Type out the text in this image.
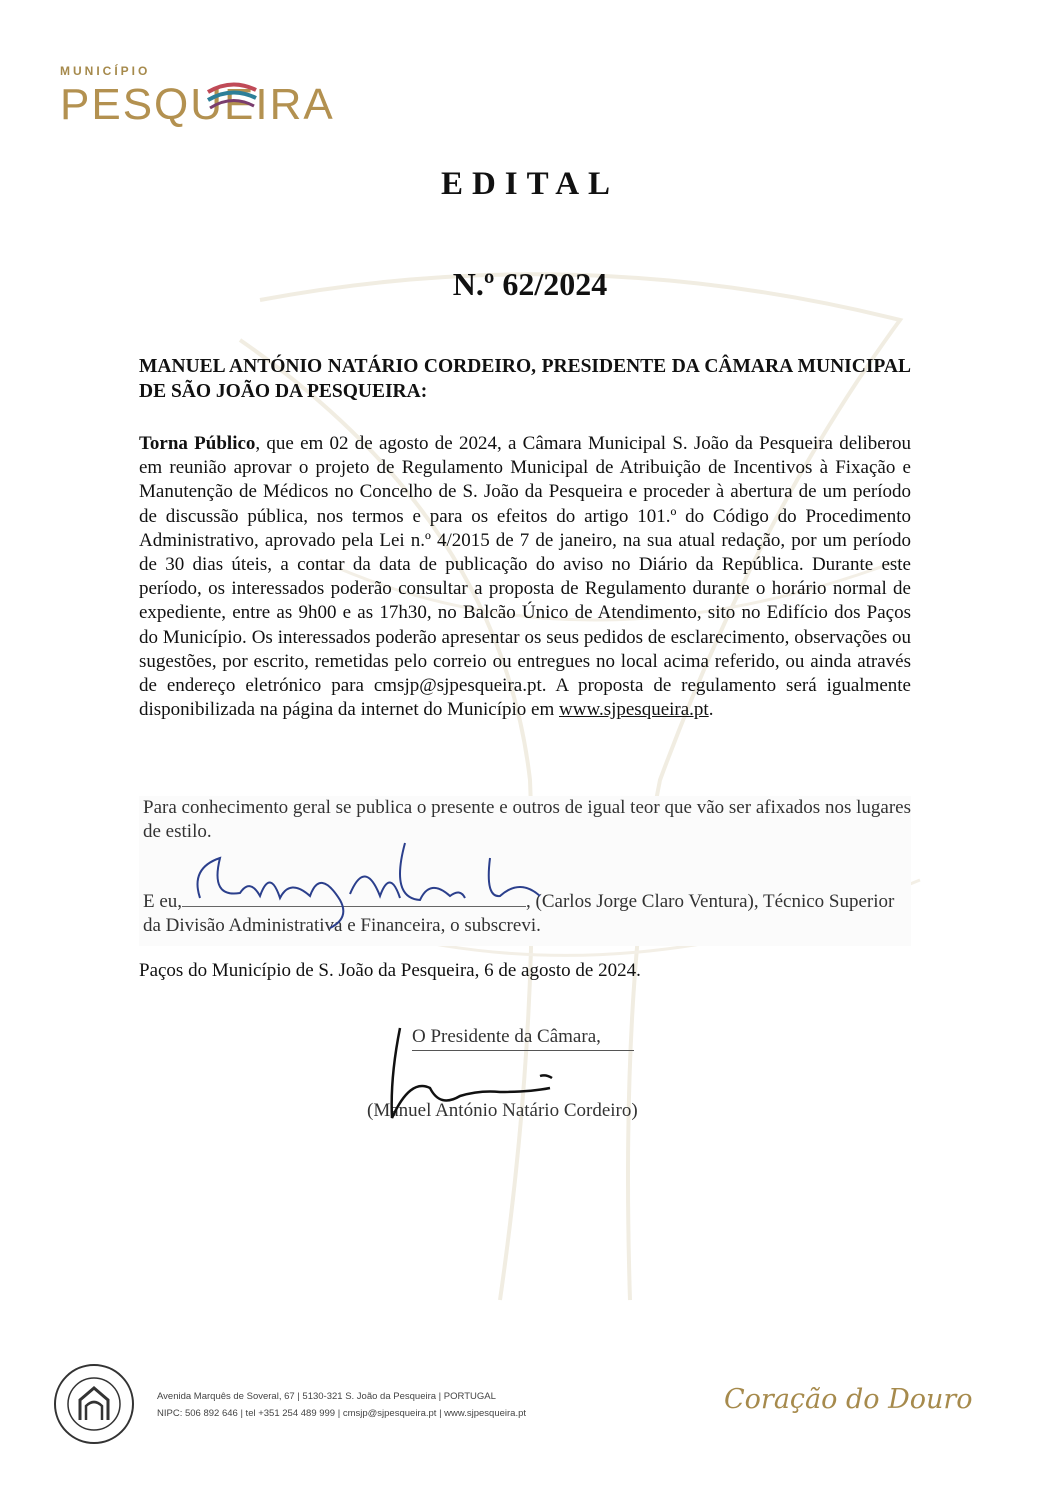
MUNICÍPIO
PESQUEIRA
EDITAL
N.º 62/2024
MANUEL ANTÓNIO NATÁRIO CORDEIRO, PRESIDENTE DA CÂMARA MUNICIPAL DE SÃO JOÃO DA PESQUEIRA:
Torna Público, que em 02 de agosto de 2024, a Câmara Municipal S. João da Pesqueira deliberou em reunião aprovar o projeto de Regulamento Municipal de Atribuição de Incentivos à Fixação e Manutenção de Médicos no Concelho de S. João da Pesqueira e proceder à abertura de um período de discussão pública, nos termos e para os efeitos do artigo 101.º do Código do Procedimento Administrativo, aprovado pela Lei n.º 4/2015 de 7 de janeiro, na sua atual redação, por um período de 30 dias úteis, a contar da data de publicação do aviso no Diário da República. Durante este período, os interessados poderão consultar a proposta de Regulamento durante o horário normal de expediente, entre as 9h00 e as 17h30, no Balcão Único de Atendimento, sito no Edifício dos Paços do Município. Os interessados poderão apresentar os seus pedidos de esclarecimento, observações ou sugestões, por escrito, remetidas pelo correio ou entregues no local acima referido, ou ainda através de endereço eletrónico para cmsjp@sjpesqueira.pt. A proposta de regulamento será igualmente disponibilizada na página da internet do Município em www.sjpesqueira.pt.
Para conhecimento geral se publica o presente e outros de igual teor que vão ser afixados nos lugares de estilo.
E eu,	, (Carlos Jorge Claro Ventura), Técnico Superior da Divisão Administrativa e Financeira, o subscrevi.
Paços do Município de S. João da Pesqueira, 6 de agosto de 2024.
O Presidente da Câmara,
(Manuel António Natário Cordeiro)
Avenida Marquês de Soveral, 67 | 5130-321 S. João da Pesqueira | PORTUGAL
NIPC: 506 892 646 | tel +351 254 489 999 | cmsjp@sjpesqueira.pt | www.sjpesqueira.pt	Coração do Douro
